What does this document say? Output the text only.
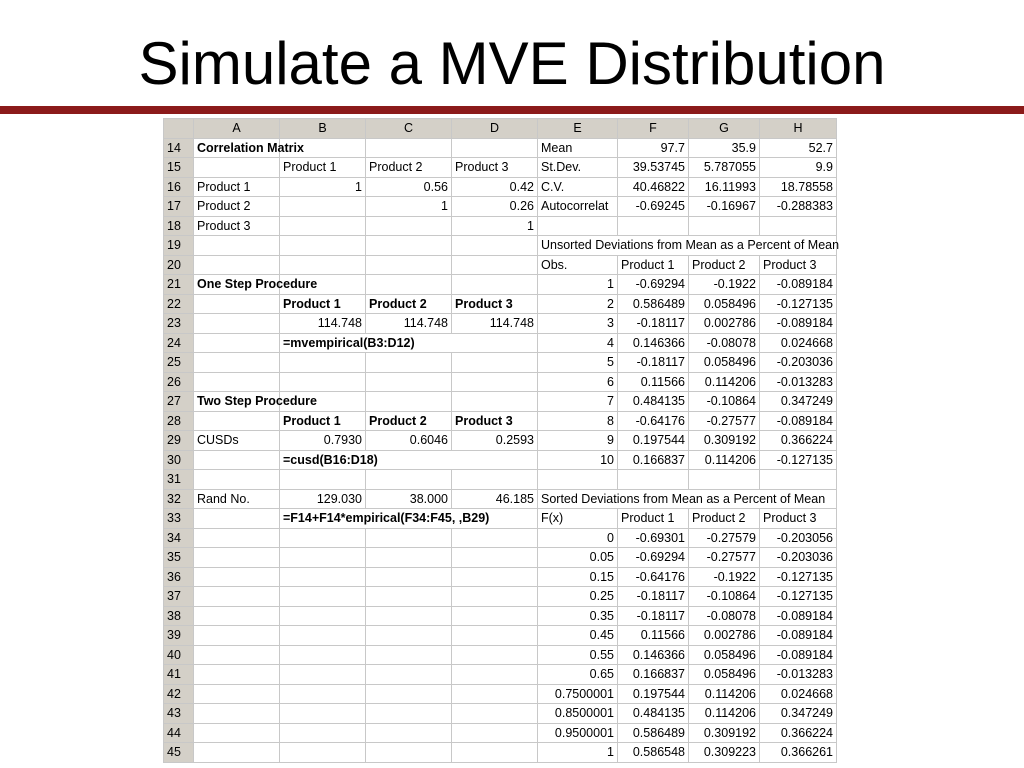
Simulate a MVE Distribution
	A	B	C	D	E	F	G	H
14	Correlation Matrix				Mean	97.7	35.9	52.7
15		Product 1	Product 2	Product 3	St.Dev.	39.53745	5.787055	9.9
16	Product 1	1	0.56	0.42	C.V.	40.46822	16.11993	18.78558
17	Product 2		1	0.26	Autocorrelat	-0.69245	-0.16967	-0.288383
18	Product 3			1				
19					Unsorted Deviations from Mean as a Percent of Mean			
20					Obs.	Product 1	Product 2	Product 3
21	One Step Procedure				1	-0.69294	-0.1922	-0.089184
22		Product 1	Product 2	Product 3	2	0.586489	0.058496	-0.127135
23		114.748	114.748	114.748	3	-0.18117	0.002786	-0.089184
24		=mvempirical(B3:D12)			4	0.146366	-0.08078	0.024668
25					5	-0.18117	0.058496	-0.203036
26					6	0.11566	0.114206	-0.013283
27	Two Step Procedure				7	0.484135	-0.10864	0.347249
28		Product 1	Product 2	Product 3	8	-0.64176	-0.27577	-0.089184
29	CUSDs	0.7930	0.6046	0.2593	9	0.197544	0.309192	0.366224
30		=cusd(B16:D18)			10	0.166837	0.114206	-0.127135
31								
32	Rand No.	129.030	38.000	46.185	Sorted Deviations from Mean as a Percent of Mean			
33		=F14+F14*empirical(F34:F45, ,B29)			F(x)	Product 1	Product 2	Product 3
34					0	-0.69301	-0.27579	-0.203056
35					0.05	-0.69294	-0.27577	-0.203036
36					0.15	-0.64176	-0.1922	-0.127135
37					0.25	-0.18117	-0.10864	-0.127135
38					0.35	-0.18117	-0.08078	-0.089184
39					0.45	0.11566	0.002786	-0.089184
40					0.55	0.146366	0.058496	-0.089184
41					0.65	0.166837	0.058496	-0.013283
42					0.7500001	0.197544	0.114206	0.024668
43					0.8500001	0.484135	0.114206	0.347249
44					0.9500001	0.586489	0.309192	0.366224
45					1	0.586548	0.309223	0.366261
